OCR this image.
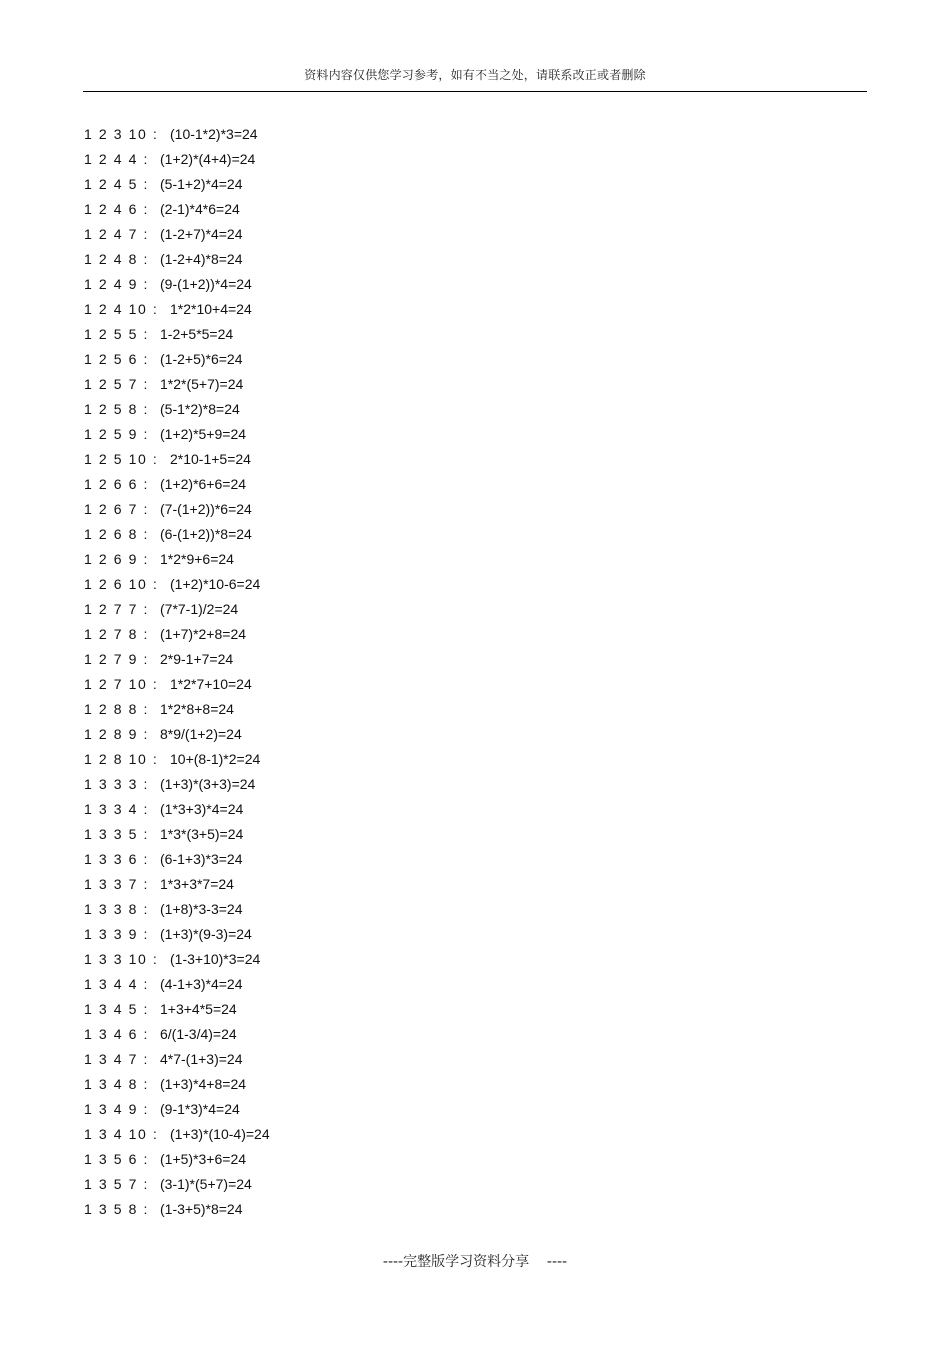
资料内容仅供您学习参考，如有不当之处，请联系改正或者删除
1 2 3 10 : (10-1*2)*3=24
1 2 4 4 : (1+2)*(4+4)=24
1 2 4 5 : (5-1+2)*4=24
1 2 4 6 : (2-1)*4*6=24
1 2 4 7 : (1-2+7)*4=24
1 2 4 8 : (1-2+4)*8=24
1 2 4 9 : (9-(1+2))*4=24
1 2 4 10 : 1*2*10+4=24
1 2 5 5 : 1-2+5*5=24
1 2 5 6 : (1-2+5)*6=24
1 2 5 7 : 1*2*(5+7)=24
1 2 5 8 : (5-1*2)*8=24
1 2 5 9 : (1+2)*5+9=24
1 2 5 10 : 2*10-1+5=24
1 2 6 6 : (1+2)*6+6=24
1 2 6 7 : (7-(1+2))*6=24
1 2 6 8 : (6-(1+2))*8=24
1 2 6 9 : 1*2*9+6=24
1 2 6 10 : (1+2)*10-6=24
1 2 7 7 : (7*7-1)/2=24
1 2 7 8 : (1+7)*2+8=24
1 2 7 9 : 2*9-1+7=24
1 2 7 10 : 1*2*7+10=24
1 2 8 8 : 1*2*8+8=24
1 2 8 9 : 8*9/(1+2)=24
1 2 8 10 : 10+(8-1)*2=24
1 3 3 3 : (1+3)*(3+3)=24
1 3 3 4 : (1*3+3)*4=24
1 3 3 5 : 1*3*(3+5)=24
1 3 3 6 : (6-1+3)*3=24
1 3 3 7 : 1*3+3*7=24
1 3 3 8 : (1+8)*3-3=24
1 3 3 9 : (1+3)*(9-3)=24
1 3 3 10 : (1-3+10)*3=24
1 3 4 4 : (4-1+3)*4=24
1 3 4 5 : 1+3+4*5=24
1 3 4 6 : 6/(1-3/4)=24
1 3 4 7 : 4*7-(1+3)=24
1 3 4 8 : (1+3)*4+8=24
1 3 4 9 : (9-1*3)*4=24
1 3 4 10 : (1+3)*(10-4)=24
1 3 5 6 : (1+5)*3+6=24
1 3 5 7 : (3-1)*(5+7)=24
1 3 5 8 : (1-3+5)*8=24
----完整版学习资料分享    ----
